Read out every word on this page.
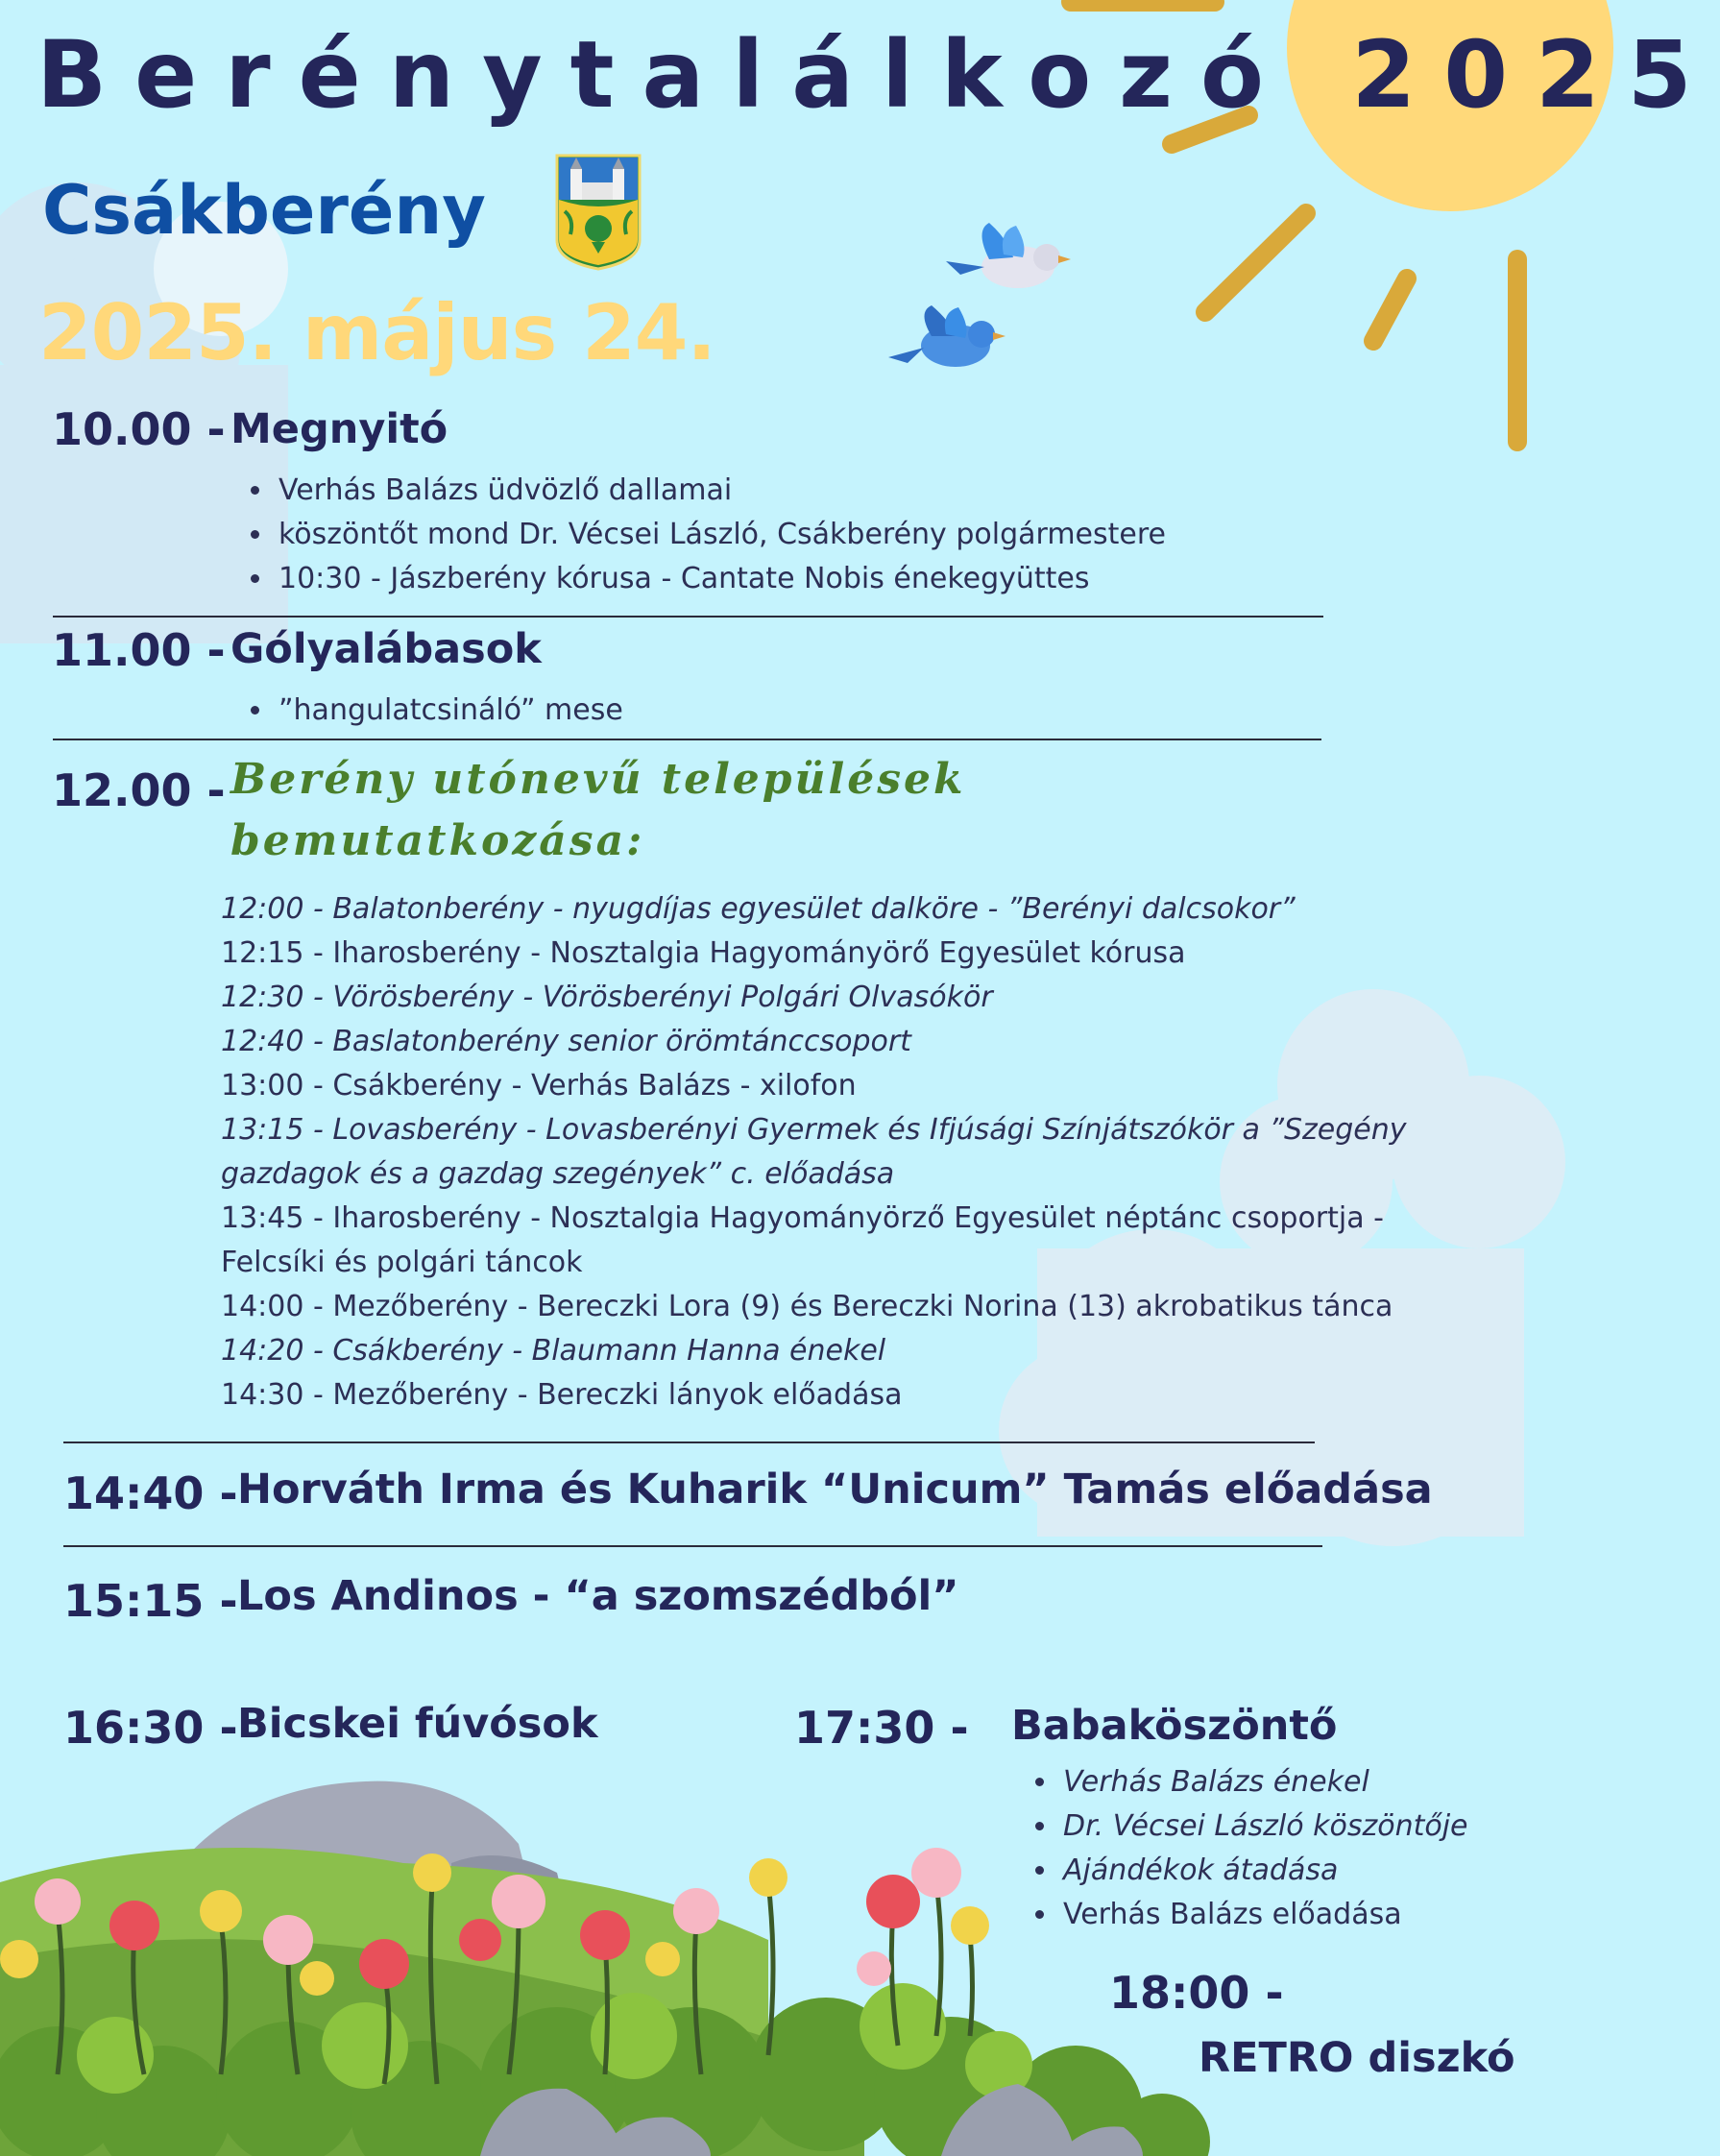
Berénytalálkozó 2025
Csákberény
2025. május 24.
10.00 - Megnyitó
• Verhás Balázs üdvözlő dallamai
• köszöntőt mond Dr. Vécsei László, Csákberény polgármestere
• 10:30 - Jászberény kórusa - Cantate Nobis énekegyüttes
11.00 - Gólyalábasok
• ”hangulatcsináló” mese
12.00 - Berény utónevű települések
bemutatkozása:
12:00 - Balatonberény - nyugdíjas egyesület dalköre - ”Berényi dalcsokor”
12:15 - Iharosberény - Nosztalgia Hagyományörő Egyesület kórusa
12:30 - Vörösberény - Vörösberényi Polgári Olvasókör
12:40 - Baslatonberény senior örömtánccsoport
13:00 - Csákberény - Verhás Balázs - xilofon
13:15 - Lovasberény - Lovasberényi Gyermek és Ifjúsági Színjátszókör a ”Szegény gazdagok és a gazdag szegények” c. előadása
13:45 - Iharosberény - Nosztalgia Hagyományörző Egyesület néptánc csoportja - Felcsíki és polgári táncok
14:00 - Mezőberény - Bereczki Lora (9) és Bereczki Norina (13) akrobatikus tánca
14:20 - Csákberény - Blaumann Hanna énekel
14:30 - Mezőberény - Bereczki lányok előadása
14:40 - Horváth Irma és Kuharik “Unicum” Tamás előadása
15:15 - Los Andinos - “a szomszédból”
16:30 - Bicskei fúvósok	17:30 - Babaköszöntő
• Verhás Balázs énekel
• Dr. Vécsei László köszöntője
• Ajándékok átadása
• Verhás Balázs előadása
18:00 -
RETRO diszkó
